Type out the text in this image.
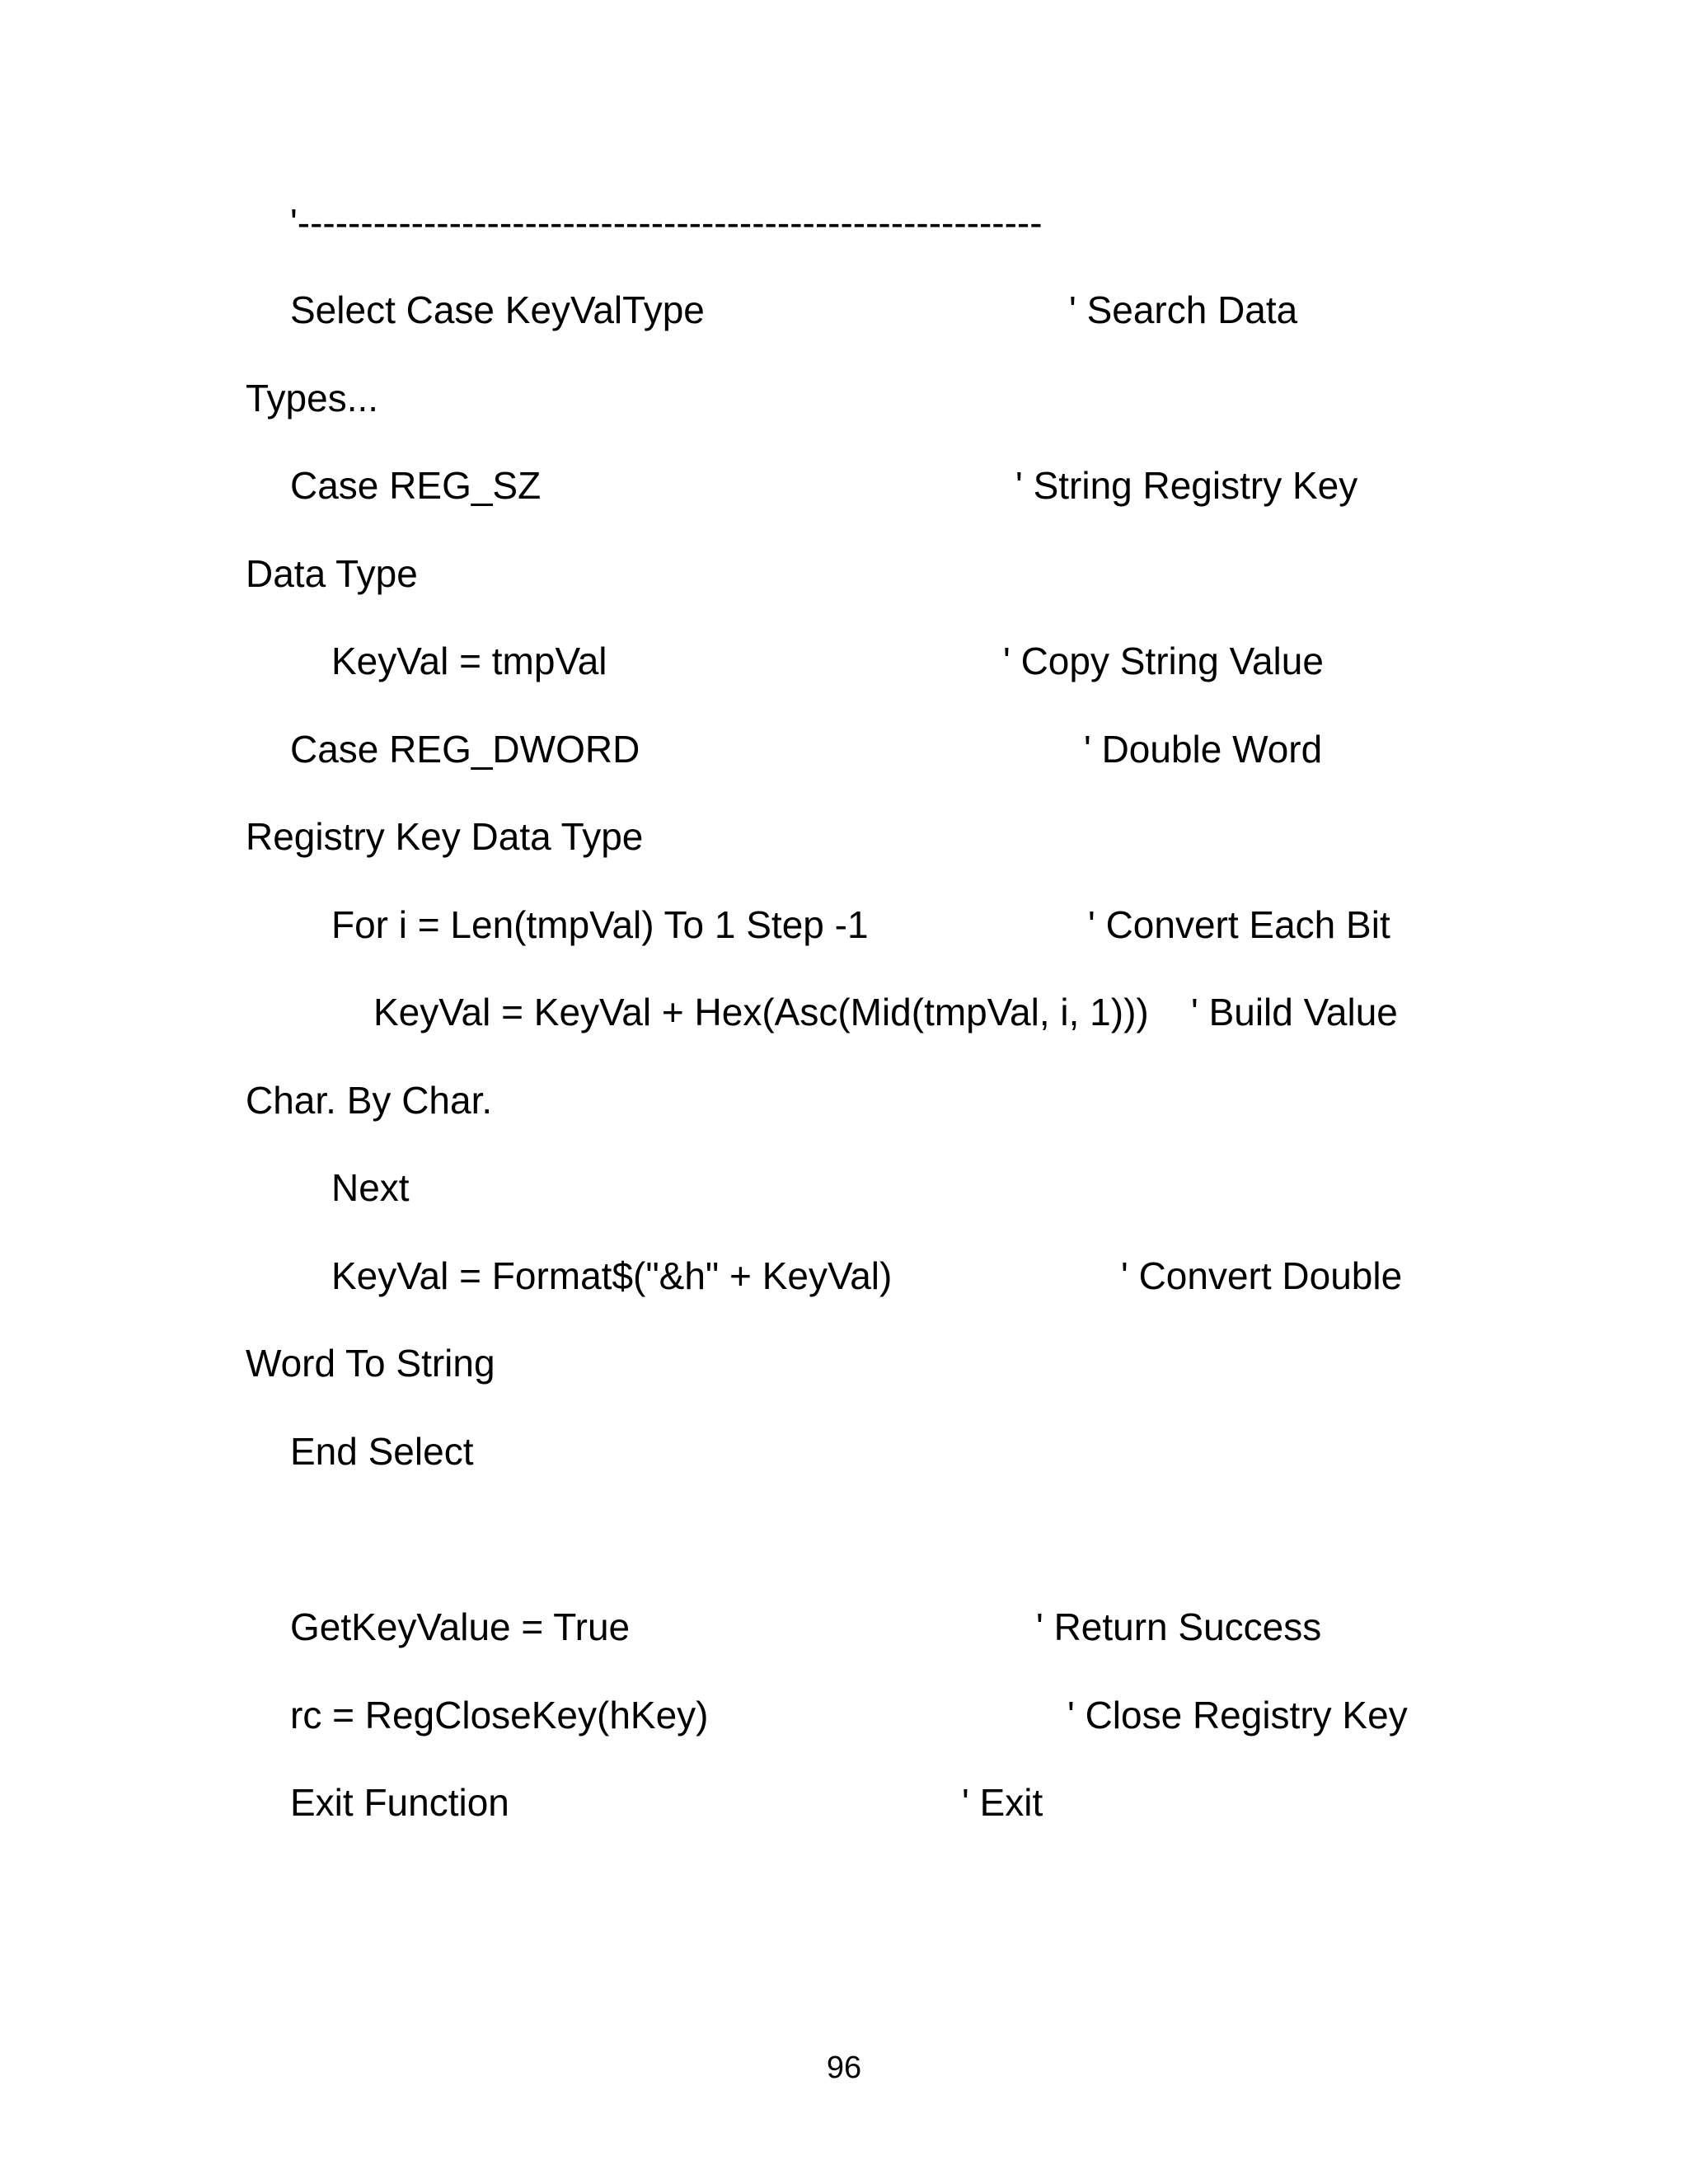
'-----------------------------------------------------------
Select Case KeyValType	' Search Data
Types...
Case REG_SZ	' String Registry Key
Data Type
KeyVal = tmpVal	' Copy String Value
Case REG_DWORD	' Double Word
Registry Key Data Type
For i = Len(tmpVal) To 1 Step -1	' Convert Each Bit
KeyVal = KeyVal + Hex(Asc(Mid(tmpVal, i, 1))) ' Build Value
Char. By Char.
Next
KeyVal = Format$("&h" + KeyVal)	' Convert Double
Word To String
End Select
GetKeyValue = True	' Return Success
rc = RegCloseKey(hKey)	' Close Registry Key
Exit Function	' Exit
96
